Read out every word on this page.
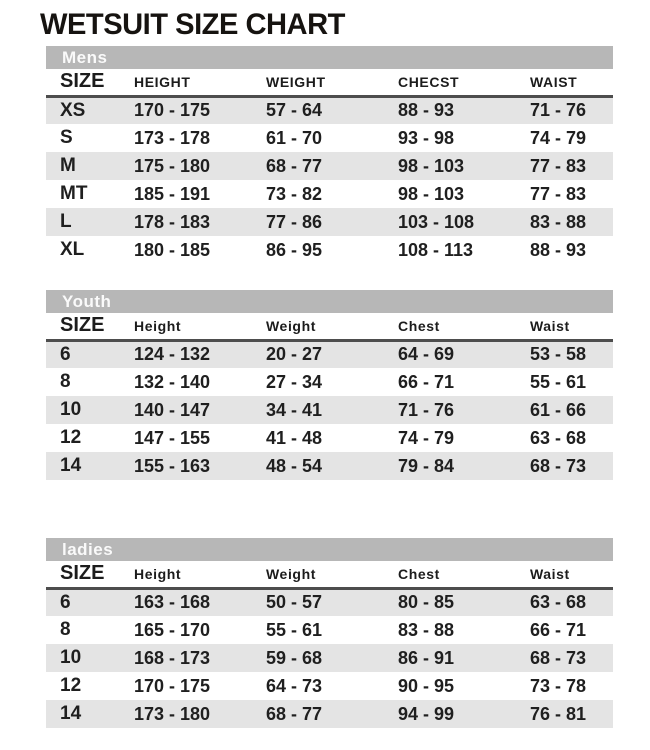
WETSUIT SIZE CHART
Mens
SIZE	HEIGHT	WEIGHT	CHECST	WAIST
XS	170 - 175	57 - 64	88 - 93	71 - 76
S	173 - 178	61 - 70	93 - 98	74 - 79
M	175 - 180	68 - 77	98 - 103	77 - 83
MT	185 - 191	73 - 82	98 - 103	77 - 83
L	178 - 183	77 - 86	103 - 108	83 - 88
XL	180 - 185	86 - 95	108 - 113	88 - 93
Youth
SIZE	Height	Weight	Chest	Waist
6	124 - 132	20 - 27	64 - 69	53 - 58
8	132 - 140	27 - 34	66 - 71	55 - 61
10	140 - 147	34 - 41	71 - 76	61 - 66
12	147 - 155	41 - 48	74 - 79	63 - 68
14	155 - 163	48 - 54	79 - 84	68 - 73
ladies
SIZE	Height	Weight	Chest	Waist
6	163 - 168	50 - 57	80 - 85	63 - 68
8	165 - 170	55 - 61	83 - 88	66 - 71
10	168 - 173	59 - 68	86 - 91	68 - 73
12	170 - 175	64 - 73	90 - 95	73 - 78
14	173 - 180	68 - 77	94 - 99	76 - 81
